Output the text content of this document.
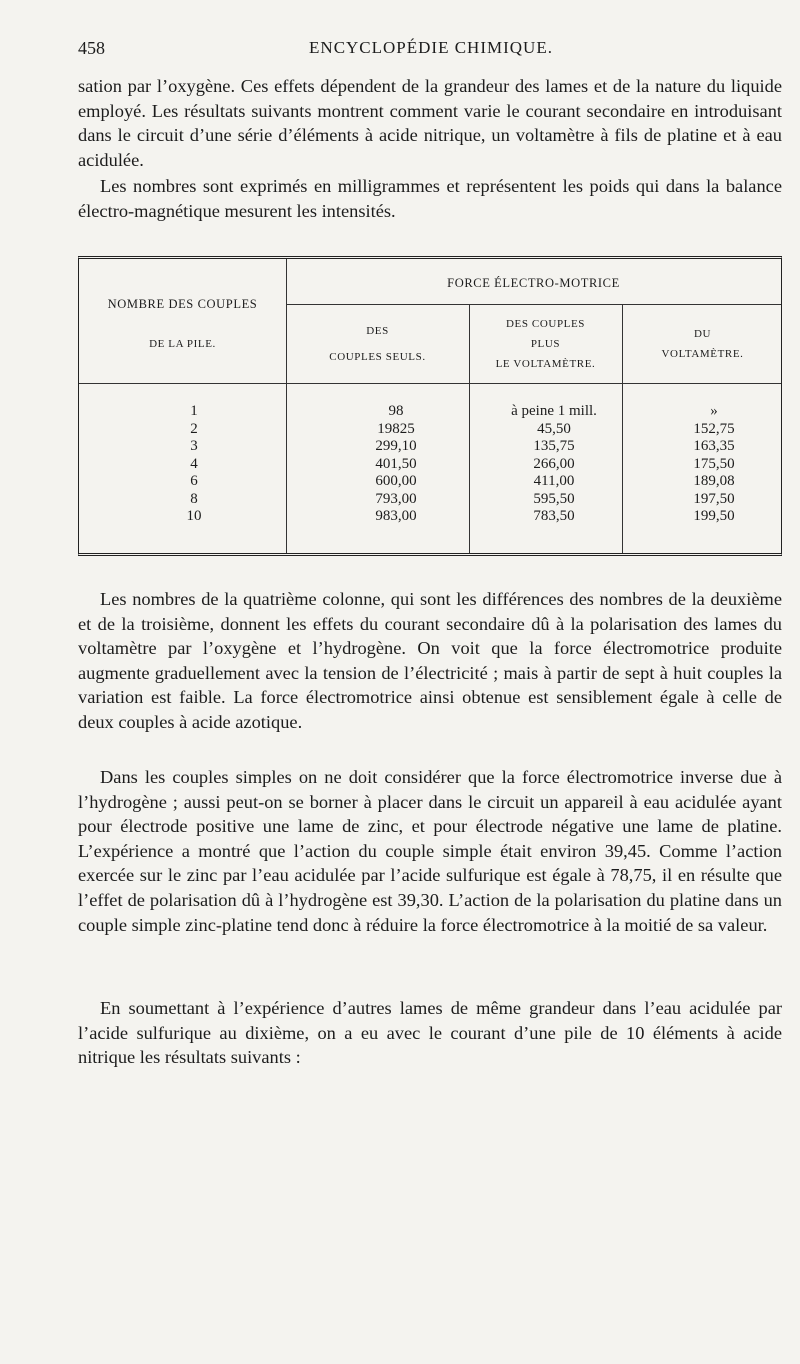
458	ENCYCLOPÉDIE CHIMIQUE.

sation par l’oxygène. Ces effets dépendent de la grandeur des lames et de la nature du liquide employé. Les résultats suivants montrent comment varie le courant secondaire en introduisant dans le circuit d’une série d’éléments à acide nitrique, un voltamètre à fils de platine et à eau acidulée.

Les nombres sont exprimés en milligrammes et représentent les poids qui dans la balance électro-magnétique mesurent les intensités.

FORCE ÉLECTRO-MOTRICE
NOMBRE DES COUPLES
DE LA PILE.
DES
COUPLES SEULS.
DES COUPLES
PLUS
LE VOLTAMÈTRE.
DU
VOLTAMÈTRE.
1
2
3
4
6
8
10
98
19825
299,10
401,50
600,00
793,00
983,00
à peine 1 mill.
45,50
135,75
266,00
411,00
595,50
783,50
»
152,75
163,35
175,50
189,08
197,50
199,50

Les nombres de la quatrième colonne, qui sont les différences des nombres de la deuxième et de la troisième, donnent les effets du courant secondaire dû à la polarisation des lames du voltamètre par l’oxygène et l’hydrogène. On voit que la force électromotrice produite augmente graduellement avec la tension de l’électricité ; mais à partir de sept à huit couples la variation est faible. La force électromotrice ainsi obtenue est sensiblement égale à celle de deux couples à acide azotique.

Dans les couples simples on ne doit considérer que la force électromotrice inverse due à l’hydrogène ; aussi peut-on se borner à placer dans le circuit un appareil à eau acidulée ayant pour électrode positive une lame de zinc, et pour électrode négative une lame de platine. L’expérience a montré que l’action du couple simple était environ 39,45. Comme l’action exercée sur le zinc par l’eau acidulée par l’acide sulfurique est égale à 78,75, il en résulte que l’effet de polarisation dû à l’hydrogène est 39,30. L’action de la polarisation du platine dans un couple simple zinc-platine tend donc à réduire la force électromotrice à la moitié de sa valeur.

En soumettant à l’expérience d’autres lames de même grandeur dans l’eau acidulée par l’acide sulfurique au dixième, on a eu avec le courant d’une pile de 10 éléments à acide nitrique les résultats suivants :
